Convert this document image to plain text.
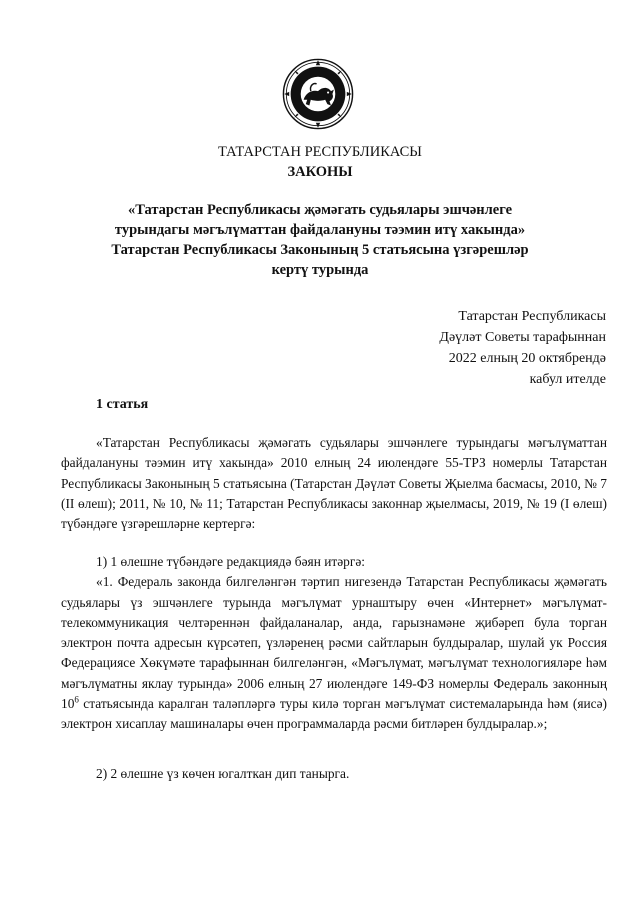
ТАТАРСТАН РЕСПУБЛИКАСЫ
ЗАКОНЫ
«Татарстан Республикасы җәмәгать судьялары эшчәнлеге
турындагы мәгълүматтан файдалануны тәэмин итү хакында»
Татарстан Республикасы Законының 5 статьясына үзгәрешләр
кертү турында
Татарстан Республикасы
Дәүләт Советы тарафыннан
2022 елның 20 октябрендә
кабул ителде
1 статья

«Татарстан Республикасы җәмәгать судьялары эшчәнлеге турындагы мәгълүматтан файдалануны тәэмин итү хакында» 2010 елның 24 июлендәге 55-ТРЗ номерлы Татарстан Республикасы Законының 5 статьясына (Татарстан Дәүләт Советы Җыелма басмасы, 2010, № 7 (II өлеш); 2011, № 10, № 11; Татарстан Республикасы законнар җыелмасы, 2019, № 19 (I өлеш) түбәндәге үзгәрешләрне кертергә:

1) 1 өлешне түбәндәге редакциядә бәян итәргә:

«1. Федераль законда билгеләнгән тәртип нигезендә Татарстан Республикасы җәмәгать судьялары үз эшчәнлеге турында мәгълүмат урнаштыру өчен «Интернет» мәгълүмат-телекоммуникация челтәреннән файдаланалар, анда, гарызнамәне җибәреп була торган электрон почта адресын күрсәтеп, үзләренең рәсми сайтларын булдыралар, шулай ук Россия Федерациясе Хөкүмәте тарафыннан билгеләнгән, «Мәгълүмат, мәгълүмат технологияләре һәм мәгълүматны яклау турында» 2006 елның 27 июлендәге 149-ФЗ номерлы Федераль законның $10^6$ статьясында каралган таләпләргә туры килә торган мәгълүмат системаларында һәм (яисә) электрон хисаплау машиналары өчен программаларда рәсми битләрен булдыралар.»;

2) 2 өлешне үз көчен югалткан дип танырга.
